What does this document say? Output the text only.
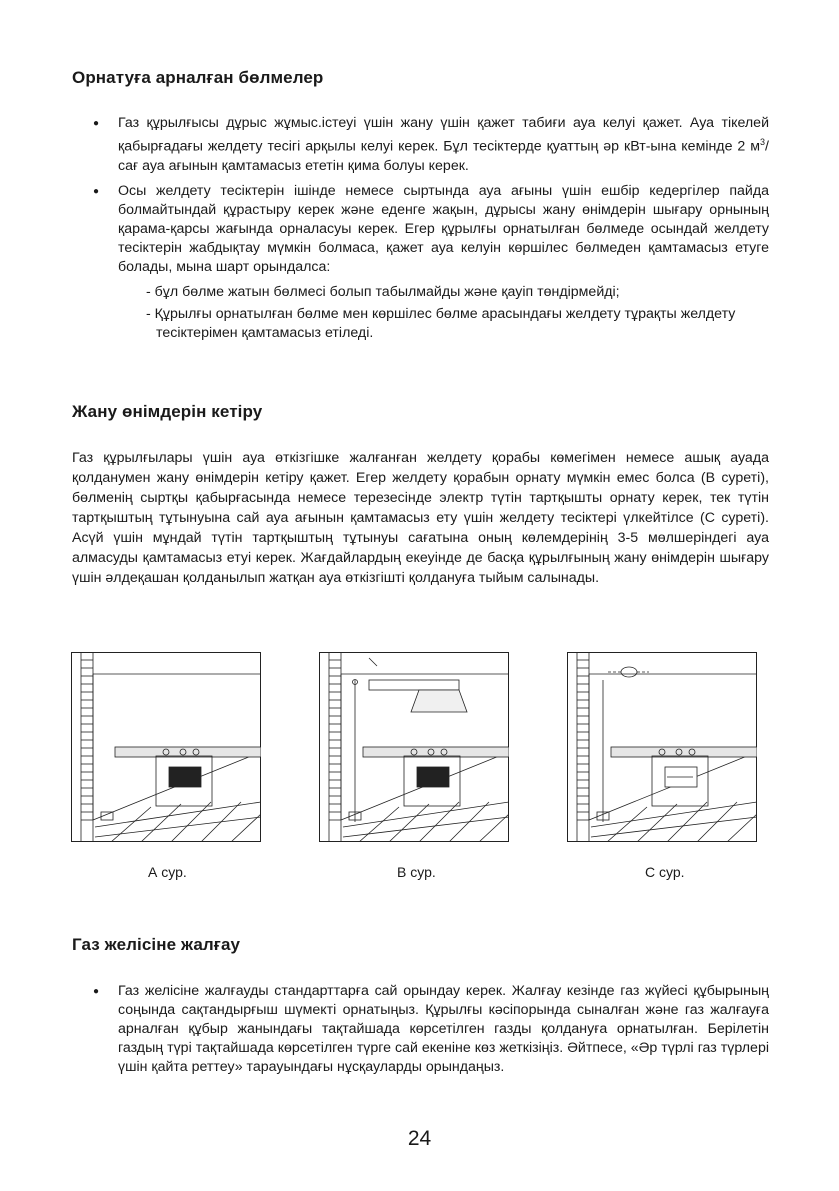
Орнатуға арналған бөлмелер
● Газ құрылғысы дұрыс жұмыс.істеуі үшін жану үшін қажет табиғи ауа келуі қажет. Ауа тікелей қабырғадағы желдету тесігі арқылы келуі керек. Бұл тесіктерде қуаттың әр кВт-ына кемінде 2 $м^3$/сағ ауа ағынын қамтамасыз ететін қима болуы керек.
● Осы желдету тесіктерін ішінде немесе сыртында ауа ағыны үшін ешбір кедергілер пайда болмайтындай құрастыру керек және еденге жақын, дұрысы жану өнімдерін шығару орнының қарама-қарсы жағында орналасуы керек. Егер құрылғы орнатылған бөлмеде осындай желдету тесіктерін жабдықтау мүмкін болмаса, қажет ауа келуін көршілес бөлмеден қамтамасыз етуге болады, мына шарт орындалса:
- бұл бөлме жатын бөлмесі болып табылмайды және қауіп төндірмейді;
- Құрылғы орнатылған бөлме мен көршілес бөлме арасындағы желдету тұрақты желдету тесіктерімен қамтамасыз етіледі.
Жану өнімдерін кетіру

Газ құрылғылары үшін ауа өткізгішке жалғанған желдету қорабы көмегімен немесе ашық ауада қолданумен жану өнімдерін кетіру қажет. Егер желдету қорабын орнату мүмкін емес болса (В суреті), бөлменің сыртқы қабырғасында немесе терезесінде электр түтін тартқышты орнату керек, тек түтін тартқыштың тұтынуына сай ауа ағынын қамтамасыз ету үшін желдету тесіктері үлкейтілсе (С суреті). Асүй үшін мұндай түтін тартқыштың тұтынуы сағатына оның көлемдерінің 3-5 мөлшеріндегі ауа алмасуды қамтамасыз етуі керек. Жағдайлардың екеуінде де басқа құрылғының жану өнімдерін шығару үшін әлдеқашан қолданылып жатқан ауа өткізгішті қолдануға тыйым салынады.

А сур.	В сур.	С сур.
Газ желісіне жалғау
● Газ желісіне жалғауды стандарттарға сай орындау керек. Жалғау кезінде газ жүйесі құбырының соңында сақтандырғыш шүмекті орнатыңыз. Құрылғы кәсіпорында сыналған және газ жалғауға арналған құбыр жанындағы тақтайшада көрсетілген газды қолдануға орнатылған. Берілетін газдың түрі тақтайшада көрсетілген түрге сай екеніне көз жеткізіңіз. Әйтпесе, «Әр түрлі газ түрлері үшін қайта реттеу» тарауындағы нұсқауларды орындаңыз.
24
